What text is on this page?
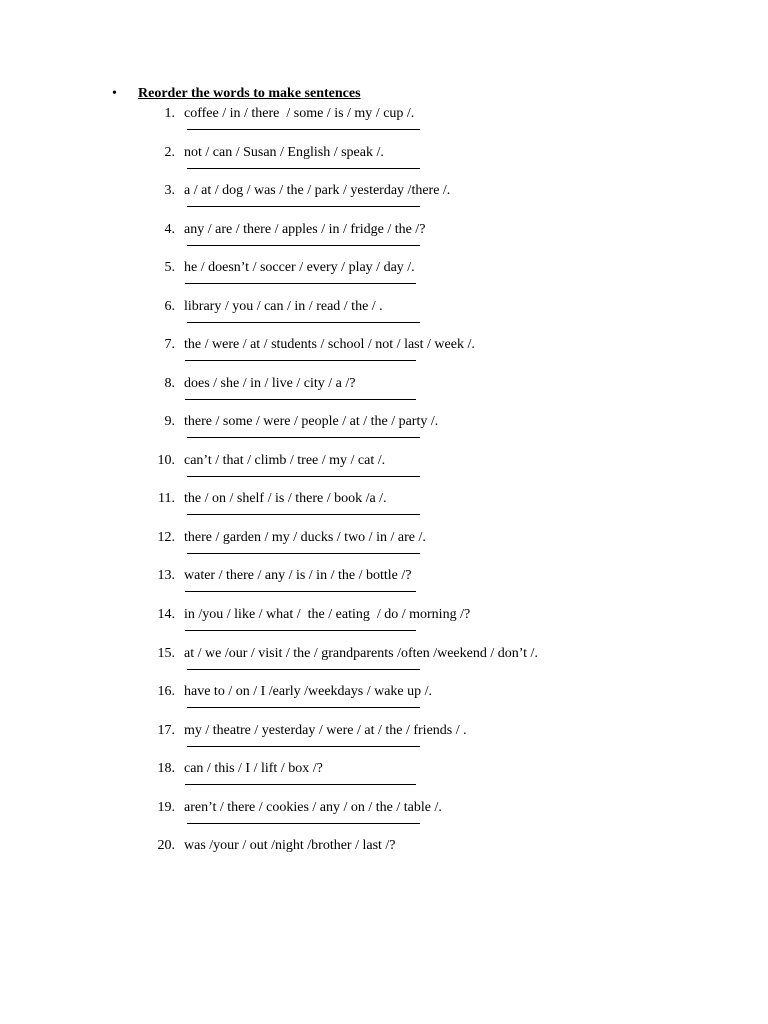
• Reorder the words to make sentences
1. coffee / in / there  / some / is / my / cup /.
2. not / can / Susan / English / speak /.
3. a / at / dog / was / the / park / yesterday /there /.
4. any / are / there / apples / in / fridge / the /?
5. he / doesn’t / soccer / every / play / day /.
6. library / you / can / in / read / the / .
7. the / were / at / students / school / not / last / week /.
8. does / she / in / live / city / a /?
9. there / some / were / people / at / the / party /.
10. can’t / that / climb / tree / my / cat /.
11. the / on / shelf / is / there / book /a /.
12. there / garden / my / ducks / two / in / are /.
13. water / there / any / is / in / the / bottle /?
14. in /you / like / what /  the / eating  / do / morning /?
15. at / we /our / visit / the / grandparents /often /weekend / don’t /.
16. have to / on / I /early /weekdays / wake up /.
17. my / theatre / yesterday / were / at / the / friends / .
18. can / this / I / lift / box /?
19. aren’t / there / cookies / any / on / the / table /.
20. was /your / out /night /brother / last /?
